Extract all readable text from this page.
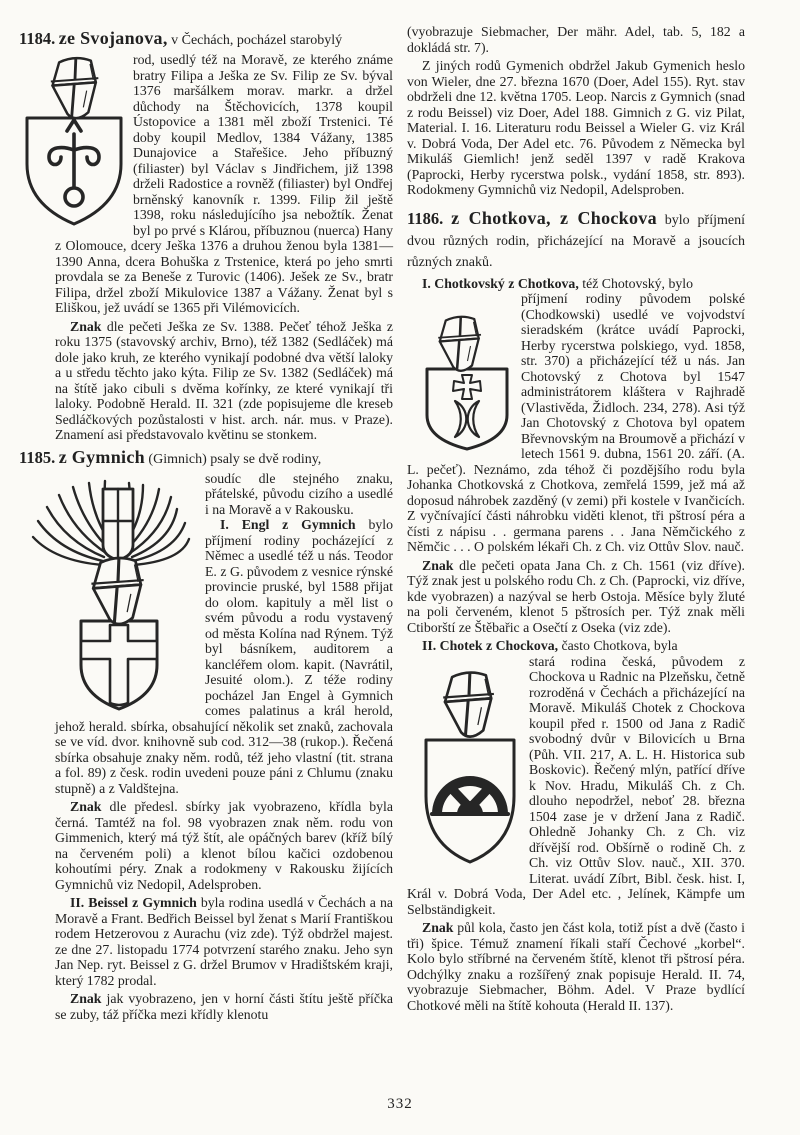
1184. ze Svojanova, v Čechách, pocházel starobylý
rod, usedlý též na Moravě, ze kterého známe bratry Filipa a Ješka ze Sv. Filip ze Sv. býval 1376 maršálkem morav. markr. a držel důchody na Štěchovicích, 1378 koupil Ústopovice a 1381 měl zboží Trstenici. Té doby koupil Medlov, 1384 Vážany, 1385 Dunajovice a Stařešice. Jeho příbuzný (filiaster) byl Václav s Jindřichem, již 1398 drželi Radostice a rovněž (filiaster) byl Ondřej brněnský kanovník r. 1399. Filip žil ještě 1398, roku následujícího jsa nebožtík. Ženat byl po prvé s Klárou, příbuznou (nuerca) Hany z Olomouce, dcery Ješka 1376 a druhou ženou byla 1381—1390 Anna, dcera Bohuška z Trstenice, která po jeho smrti provdala se za Beneše z Turovic (1406). Ješek ze Sv., bratr Filipa, držel zboží Mikulovice 1387 a Vážany. Ženat byl s Eliškou, jež uvádí se 1365 při Vilémovicích.
Znak dle pečeti Ješka ze Sv. 1388. Pečeť téhož Ješka z roku 1375 (stavovský archiv, Brno), též 1382 (Sedláček) má dole jako kruh, ze kterého vynikají podobné dva větší laloky a u středu těchto jako kýta. Filip ze Sv. 1382 (Sedláček) má na štítě jako cibuli s dvěma kořínky, ze které vynikají tři laloky. Podobně Herald. II. 321 (zde popisujeme dle kreseb Sedláčkových pozůstalosti v hist. arch. nár. mus. v Praze). Znamení asi představovalo květinu se stonkem.
1185. z Gymnich (Gimnich) psaly se dvě rodiny,
soudíc dle stejného znaku, přátelské, původu cizího a usedlé i na Moravě a v Rakousku.
I. Engl z Gymnich bylo příjmení rodiny pocházející z Němec a usedlé též u nás. Teodor E. z G. původem z vesnice rýnské provincie pruské, byl 1588 přijat do olom. kapituly a měl list o svém původu a rodu vystavený od města Kolína nad Rýnem. Týž byl básníkem, auditorem a kancléřem olom. kapit. (Navrátil, Jesuité olom.). Z téže rodiny pocházel Jan Engel à Gymnich comes palatinus a král herold, jehož herald. sbírka, obsahující několik set znaků, zachovala se ve víd. dvor. knihovně sub cod. 312—38 (rukop.). Řečená sbírka obsahuje znaky něm. rodů, též jeho vlastní (tit. strana a fol. 89) z česk. rodin uvedeni pouze páni z Chlumu (znaku stupně) a z Valdštejna.
Znak dle předesl. sbírky jak vyobrazeno, křídla byla černá. Tamtéž na fol. 98 vyobrazen znak něm. rodu von Gimmenich, který má týž štít, ale opáčných barev (kříž bílý na červeném poli) a klenot bílou kačici ozdobenou kohoutími péry. Znak a rodokmeny v Rakousku žijících Gymnichů viz Nedopil, Adelsproben.
II. Beissel z Gymnich byla rodina usedlá v Čechách a na Moravě a Frant. Bedřich Beissel byl ženat s Marií Františkou rodem Hetzerovou z Aurachu (viz zde). Týž obdržel majest. ze dne 27. listopadu 1774 potvrzení starého znaku. Jeho syn Jan Nep. ryt. Beissel z G. držel Brumov v Hradištském kraji, který 1782 prodal.
Znak jak vyobrazeno, jen v horní části štítu ještě příčka se zuby, táž příčka mezi křídly klenotu
(vyobrazuje Siebmacher, Der mähr. Adel, tab. 5, 182 a dokládá str. 7).
Z jiných rodů Gymenich obdržel Jakub Gymenich heslo von Wieler, dne 27. března 1670 (Doer, Adel 155). Ryt. stav obdrželi dne 12. května 1705. Leop. Narcis z Gymnich (snad z rodu Beissel) viz Doer, Adel 188. Gimnich z G. viz Pilat, Material. I. 16. Literaturu rodu Beissel a Wieler G. viz Král v. Dobrá Voda, Der Adel etc. 76. Původem z Německa byl Mikuláš Giemlich! jenž seděl 1397 v radě Krakova (Paprocki, Herby rycerstwa polsk., vydání 1858, str. 893). Rodokmeny Gymnichů viz Nedopil, Adelsproben.
1186. z Chotkova, z Chockova bylo příjmení dvou různých rodin, přicházející na Moravě a jsoucích různých znaků.
I. Chotkovský z Chotkova, též Chotovský, bylo
příjmení rodiny původem polské (Chodkowski) usedlé ve vojvodství sieradském (krátce uvádí Paprocki, Herby rycerstwa polskiego, vyd. 1858, str. 370) a přicházející též u nás. Jan Chotovský z Chotova byl 1547 administrátorem kláštera v Rajhradě (Vlastivěda, Židloch. 234, 278). Asi týž Jan Chotovský z Chotova byl opatem Břevnovským na Broumově a přichází v letech 1561 9. dubna, 1561 20. září. (A. L. pečeť). Neznámo, zda téhož či pozdějšího rodu byla Johanka Chotkovská z Chotkova, zemřelá 1599, jež má až doposud náhrobek zazděný (v zemi) při kostele v Ivančicích. Z vyčnívající části náhrobku viděti klenot, tři pštrosí péra a čísti z nápisu . . germana parens . . Jana Němčického z Němčic . . . O polském lékaři Ch. z Ch. viz Ottův Slov. nauč.
Znak dle pečeti opata Jana Ch. z Ch. 1561 (viz dříve). Týž znak jest u polského rodu Ch. z Ch. (Paprocki, viz dříve, kde vyobrazen) a nazýval se herb Ostoja. Měsíce byly žluté na poli červeném, klenot 5 pštrosích per. Týž znak měli Ctiborští ze Štěbařic a Osečtí z Oseka (viz zde).
II. Chotek z Chockova, často Chotkova, byla
stará rodina česká, původem z Chockova u Radnic na Plzeňsku, četně rozroděná v Čechách a přicházející na Moravě. Mikuláš Chotek z Chockova koupil před r. 1500 od Jana z Radič svobodný dvůr v Bilovicích u Brna (Půh. VII. 217, A. L. H. Historica sub Boskovic). Řečený mlýn, patřící dříve k Nov. Hradu, Mikuláš Ch. z Ch. dlouho nepodržel, neboť 28. března 1504 zase je v držení Jana z Radič. Ohledně Johanky Ch. z Ch. viz dřívější rod. Obšírně o rodině Ch. z Ch. viz Ottův Slov. nauč., XII. 370. Literat. uvádí Zíbrt, Bibl. česk. hist. I, Král v. Dobrá Voda, Der Adel etc. , Jelínek, Kämpfe um Selbständigkeit.
Znak půl kola, často jen část kola, totiž píst a dvě (často i tři) špice. Témuž znamení říkali staří Čechové „korbel“. Kolo bylo stříbrné na červeném štítě, klenot tři pštrosí péra. Odchýlky znaku a rozšířený znak popisuje Herald. II. 74, vyobrazuje Siebmacher, Böhm. Adel. V Praze bydlící Chotkové měli na štítě kohouta (Herald II. 137).
332
